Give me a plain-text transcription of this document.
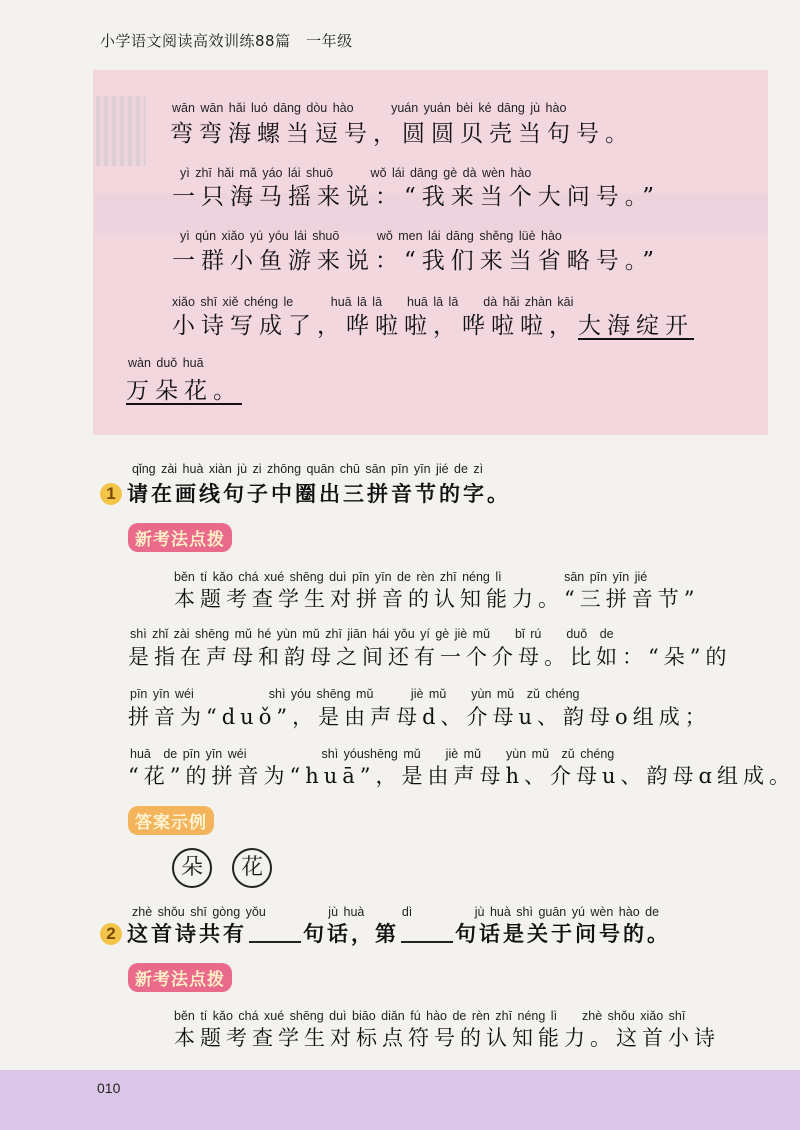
小学语文阅读高效训练88篇　一年级
wān wān hǎi luó dāng dòu hào　　　yuán yuán bèi ké dāng jù hào
弯弯海螺当逗号，圆圆贝壳当句号。
yì zhī hǎi mǎ yáo lái shuō　　　wǒ lái dāng gè dà wèn hào
一只海马摇来说：“我来当个大问号。”
yì qún xiǎo yú yóu lái shuō　　　wǒ men lái dāng shěng lüè hào
一群小鱼游来说：“我们来当省略号。”
xiǎo shī xiě chéng le　　　huā lā lā　　huā lā lā　　dà hǎi zhàn kāi
小诗写成了，哗啦啦，哗啦啦，大海绽开
wàn duǒ huā
万朵花。
qǐng zài huà xiàn jù zi zhōng quān chū sān pīn yīn jié de zì
1 请在画线句子中圈出三拼音节的字。
新考法点拨
běn tí kǎo chá xué shēng duì pīn yīn de rèn zhī néng lì　　　　　sān pīn yīn jié
本题考查学生对拼音的认知能力。“三拼音节”
shì zhǐ zài shēng mǔ hé yùn mǔ zhī jiān hái yǒu yí gè jiè mǔ　　bǐ rú　　duǒ　de
是指在声母和韵母之间还有一个介母。比如：“朵”的
pīn yīn wéi　　　　　　shì yóu shēng mǔ　　　jiè mǔ　　yùn mǔ　zǔ chéng
拼音为“duǒ”，是由声母d、介母u、韵母o组成；
huā　de pīn yīn wéi　　　　　　shì yóushēng mǔ　　jiè mǔ　　yùn mǔ　zǔ chéng
“花”的拼音为“huā”，是由声母h、介母u、韵母ɑ组成。
答案示例
朵	花
zhè shǒu shī gòng yǒu　　　　　jù huà　　　dì　　　　　jù huà shì guān yú wèn hào de
2 这首诗共有	句话，第	句话是关于问号的。
新考法点拨
běn tí kǎo chá xué shēng duì biāo diǎn fú hào de rèn zhī néng lì　　zhè shǒu xiǎo shī
本题考查学生对标点符号的认知能力。这首小诗
010
